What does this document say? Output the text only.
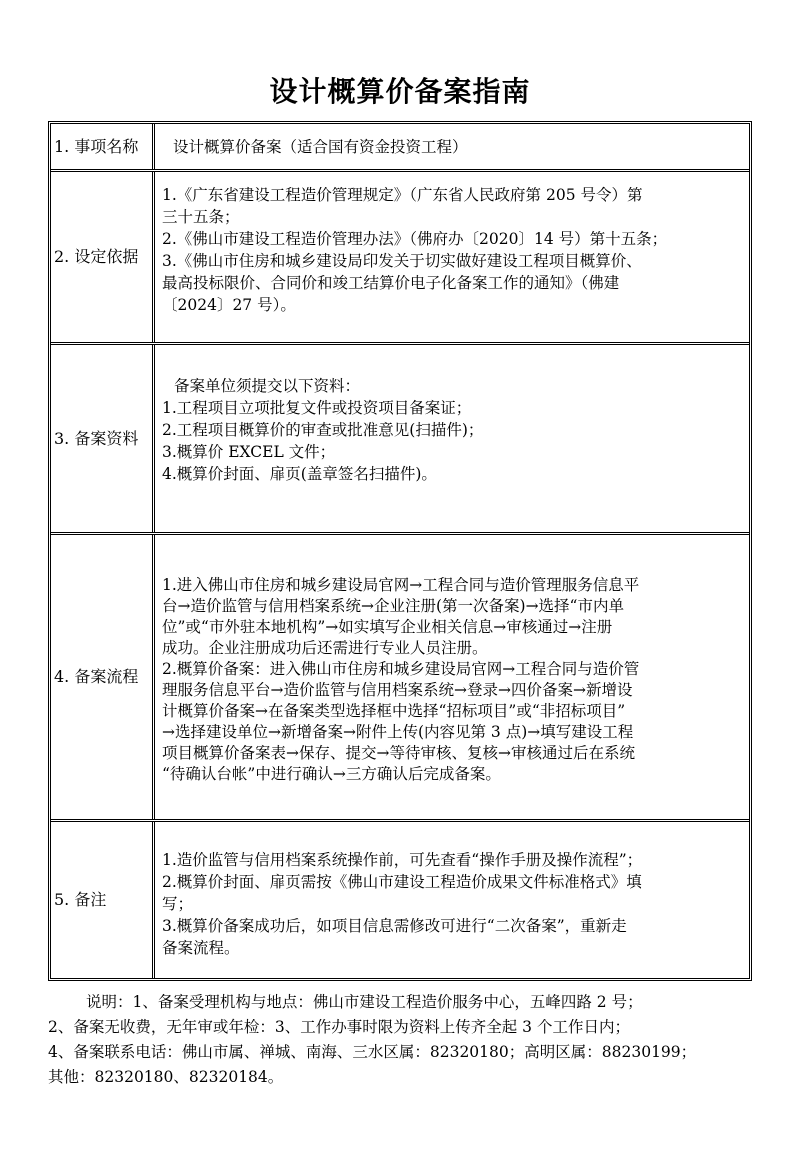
设计概算价备案指南
1. 事项名称	设计概算价备案（适合国有资金投资工程）
2. 设定依据
1.《广东省建设工程造价管理规定》（广东省人民政府第 205 号令）第
三十五条；
2.《佛山市建设工程造价管理办法》（佛府办〔2020〕14 号）第十五条；
3.《佛山市住房和城乡建设局印发关于切实做好建设工程项目概算价、
最高投标限价、合同价和竣工结算价电子化备案工作的通知》（佛建
〔2024〕27 号）。
3. 备案资料
备案单位须提交以下资料：
1.工程项目立项批复文件或投资项目备案证；
2.工程项目概算价的审查或批准意见(扫描件)；
3.概算价 EXCEL 文件；
4.概算价封面、扉页(盖章签名扫描件)。
4. 备案流程
1.进入佛山市住房和城乡建设局官网→工程合同与造价管理服务信息平
台→造价监管与信用档案系统→企业注册(第一次备案)→选择“市内单
位”或“市外驻本地机构”→如实填写企业相关信息→审核通过→注册
成功。企业注册成功后还需进行专业人员注册。
2.概算价备案：进入佛山市住房和城乡建设局官网→工程合同与造价管
理服务信息平台→造价监管与信用档案系统→登录→四价备案→新增设
计概算价备案→在备案类型选择框中选择“招标项目”或“非招标项目”
→选择建设单位→新增备案→附件上传(内容见第 3 点)→填写建设工程
项目概算价备案表→保存、提交→等待审核、复核→审核通过后在系统
“待确认台帐”中进行确认→三方确认后完成备案。
5. 备注
1.造价监管与信用档案系统操作前，可先查看“操作手册及操作流程”；
2.概算价封面、扉页需按《佛山市建设工程造价成果文件标准格式》填
写；
3.概算价备案成功后，如项目信息需修改可进行“二次备案”，重新走
备案流程。
说明：1、备案受理机构与地点：佛山市建设工程造价服务中心，五峰四路 2 号；
2、备案无收费，无年审或年检：3、工作办事时限为资料上传齐全起 3 个工作日内；
4、备案联系电话：佛山市属、禅城、南海、三水区属：82320180；高明区属：88230199；
其他：82320180、82320184。
